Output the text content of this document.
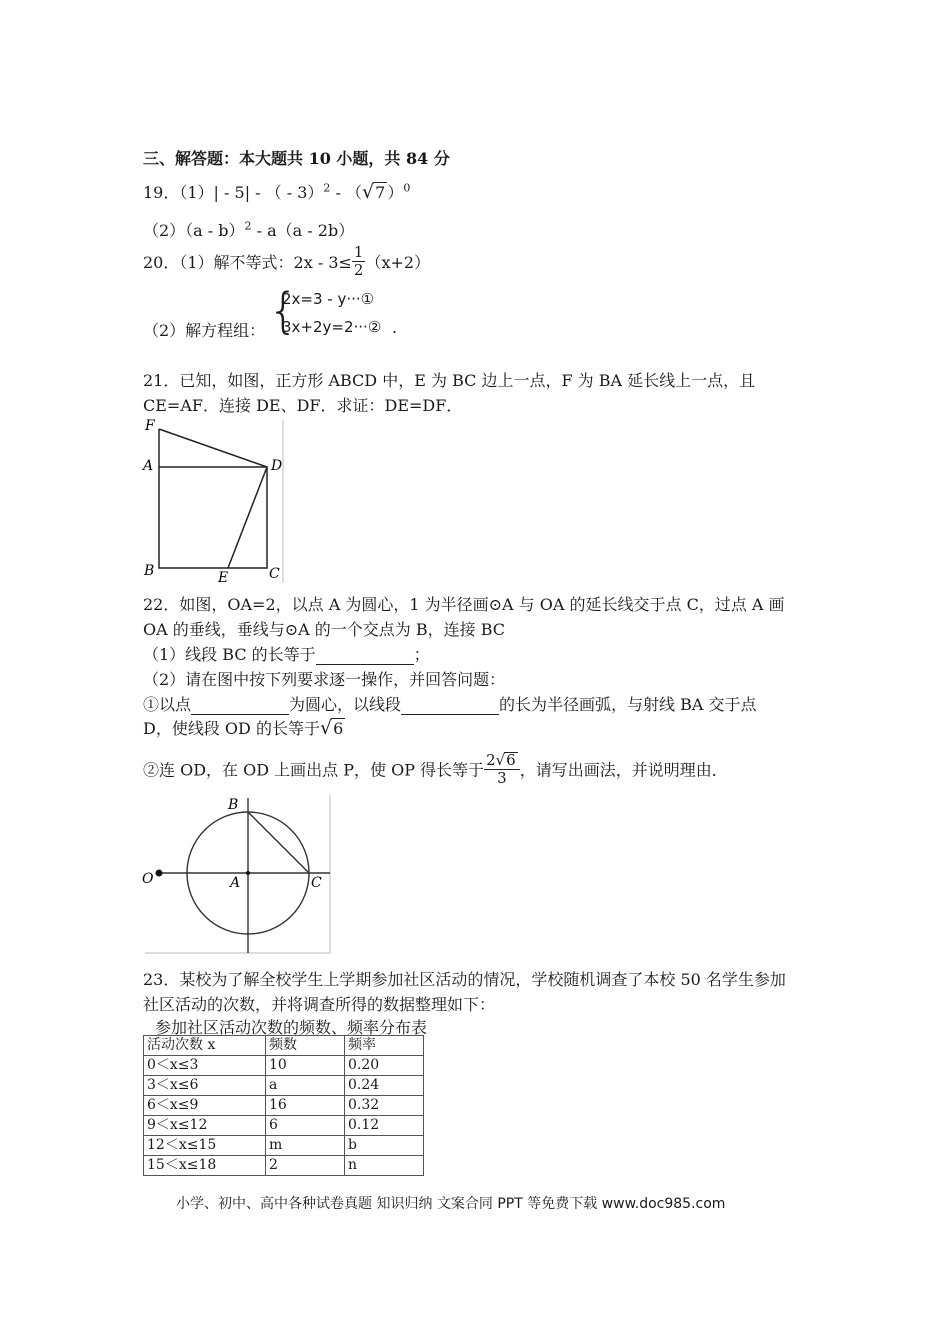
三、解答题：本大题共 10 小题，共 84 分
19．（1）| - 5| - （ - 3）$^2$ - （√7 ）$^0$
（2）（a - b）$^2$ - a（a - 2b）
20．（1）解不等式：$2x - 3\le \frac{1}{2} (x+2)$
（2）解方程组： {
2x=3 - y···①
3x+2y=2···② .
21．已知，如图，正方形 ABCD 中，E 为 BC 边上一点，F 为 BA 延长线上一点，且
CE=AF．连接 DE、DF．求证：DE=DF．
F
A	D
B	E	C
22．如图，OA=2，以点 A 为圆心，1 为半径画⊙A 与 OA 的延长线交于点 C，过点 A 画
OA 的垂线，垂线与⊙A 的一个交点为 B，连接 BC
（1）线段 BC 的长等于	；
（2）请在图中按下列要求逐一操作，并回答问题：
①以点	为圆心，以线段	的长为半径画弧，与射线 BA 交于点
D，使线段 OD 的长等于√6
②连 OD，在 OD 上画出点 P，使 OP 得长等于 $\frac{2√6}{3}$ ，请写出画法，并说明理由．
B
O	A	C
23．某校为了解全校学生上学期参加社区活动的情况，学校随机调查了本校 50 名学生参加
社区活动的次数，并将调查所得的数据整理如下：
参加社区活动次数的频数、频率分布表
活动次数 x	频数	频率
0＜x≤3	10	0.20
3＜x≤6	a	0.24
6＜x≤9	16	0.32
9＜x≤12	6	0.12
12＜x≤15	m	b
15＜x≤18	2	n
小学、初中、高中各种试卷真题 知识归纳 文案合同 PPT 等免费下载 www.doc985.com
